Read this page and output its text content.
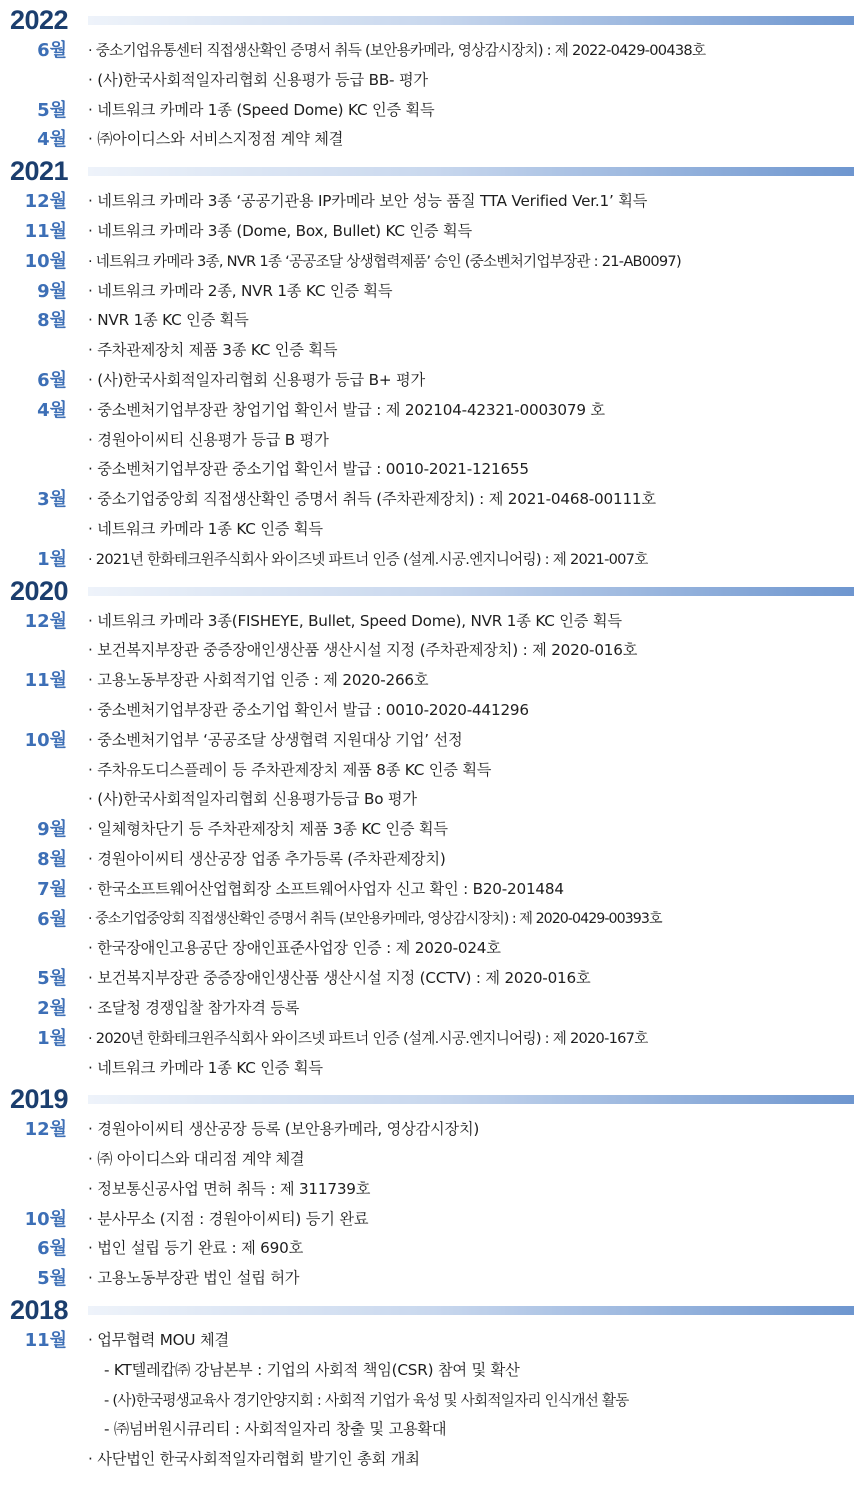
2022
6월 · 중소기업유통센터 직접생산확인 증명서 취득 (보안용카메라, 영상감시장치) : 제 2022-0429-00438호
· (사)한국사회적일자리협회 신용평가 등급 BB- 평가
5월 · 네트워크 카메라 1종 (Speed Dome) KC 인증 획득
4월 · ㈜아이디스와 서비스지정점 계약 체결
2021
12월 · 네트워크 카메라 3종 ‘공공기관용 IP카메라 보안 성능 품질 TTA Verified Ver.1’ 획득
11월 · 네트워크 카메라 3종 (Dome, Box, Bullet) KC 인증 획득
10월 · 네트워크 카메라 3종, NVR 1종 ‘공공조달 상생협력제품’ 승인 (중소벤처기업부장관 : 21-AB0097)
9월 · 네트워크 카메라 2종, NVR 1종 KC 인증 획득
8월 · NVR 1종 KC 인증 획득
· 주차관제장치 제품 3종 KC 인증 획득
6월 · (사)한국사회적일자리협회 신용평가 등급 B+ 평가
4월 · 중소벤처기업부장관 창업기업 확인서 발급 : 제 202104-42321-0003079 호
· 경원아이씨티 신용평가 등급 B 평가
· 중소벤처기업부장관 중소기업 확인서 발급 : 0010-2021-121655
3월 · 중소기업중앙회 직접생산확인 증명서 취득 (주차관제장치) : 제 2021-0468-00111호
· 네트워크 카메라 1종 KC 인증 획득
1월 · 2021년 한화테크윈주식회사 와이즈넷 파트너 인증 (설계.시공.엔지니어링) : 제 2021-007호
2020
12월 · 네트워크 카메라 3종(FISHEYE, Bullet, Speed Dome), NVR 1종 KC 인증 획득
· 보건복지부장관 중증장애인생산품 생산시설 지정 (주차관제장치) : 제 2020-016호
11월 · 고용노동부장관 사회적기업 인증 : 제 2020-266호
· 중소벤처기업부장관 중소기업 확인서 발급 : 0010-2020-441296
10월 · 중소벤처기업부 ‘공공조달 상생협력 지원대상 기업’ 선정
· 주차유도디스플레이 등 주차관제장치 제품 8종 KC 인증 획득
· (사)한국사회적일자리협회 신용평가등급 Bo 평가
9월 · 일체형차단기 등 주차관제장치 제품 3종 KC 인증 획득
8월 · 경원아이씨티 생산공장 업종 추가등록 (주차관제장치)
7월 · 한국소프트웨어산업협회장 소프트웨어사업자 신고 확인 : B20-201484
6월 · 중소기업중앙회 직접생산확인 증명서 취득 (보안용카메라, 영상감시장치) : 제 2020-0429-00393호
· 한국장애인고용공단 장애인표준사업장 인증 : 제 2020-024호
5월 · 보건복지부장관 중증장애인생산품 생산시설 지정 (CCTV) : 제 2020-016호
2월 · 조달청 경쟁입찰 참가자격 등록
1월 · 2020년 한화테크윈주식회사 와이즈넷 파트너 인증 (설계.시공.엔지니어링) : 제 2020-167호
· 네트워크 카메라 1종 KC 인증 획득
2019
12월 · 경원아이씨티 생산공장 등록 (보안용카메라, 영상감시장치)
· ㈜ 아이디스와 대리점 계약 체결
· 정보통신공사업 면허 취득 : 제 311739호
10월 · 분사무소 (지점 : 경원아이씨티) 등기 완료
6월 · 법인 설립 등기 완료 : 제 690호
5월 · 고용노동부장관 법인 설립 허가
2018
11월 · 업무협력 MOU 체결
- KT텔레캅㈜ 강남본부 : 기업의 사회적 책임(CSR) 참여 및 확산
- (사)한국평생교육사 경기안양지회 : 사회적 기업가 육성 및 사회적일자리 인식개선 활동
- ㈜넘버원시큐리티 : 사회적일자리 창출 및 고용확대
· 사단법인 한국사회적일자리협회 발기인 총회 개최
